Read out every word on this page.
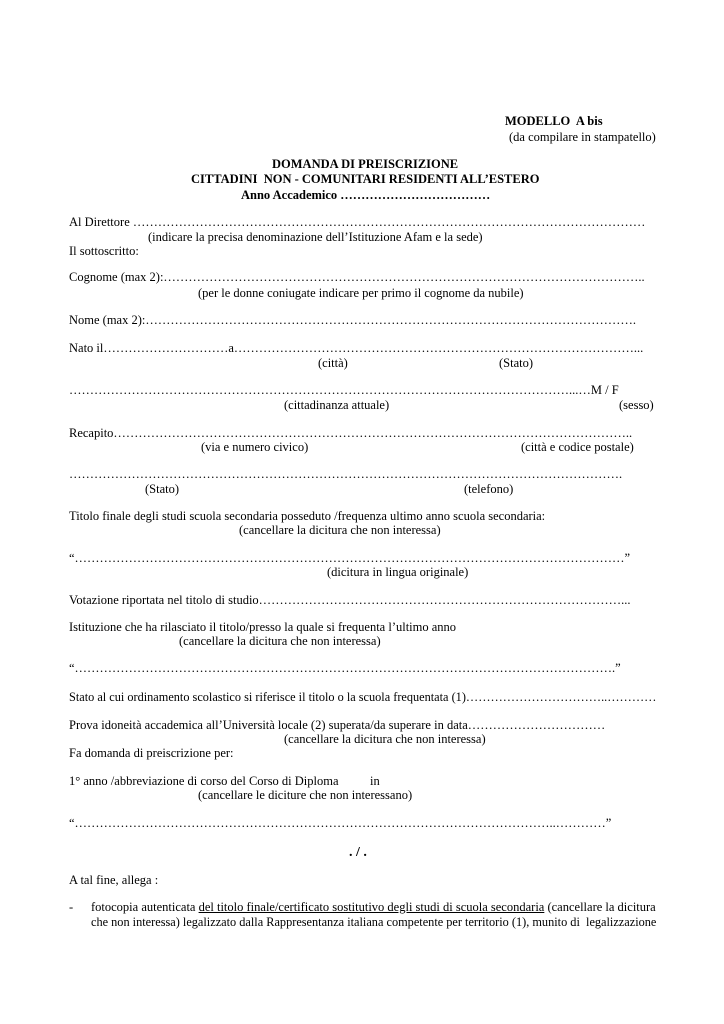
MODELLO  A bis
(da compilare in stampatello)
DOMANDA DI PREISCRIZIONE
CITTADINI  NON - COMUNITARI RESIDENTI ALL’ESTERO
Anno Accademico ………………………………
Al Direttore ……………………………………………………………………………………………………………
(indicare la precisa denominazione dell’Istituzione Afam e la sede)
Il sottoscritto:
Cognome (max 2):……………………………………………………………………………………………………..
(per le donne coniugate indicare per primo il cognome da nubile)
Nome (max 2):……………………………………………………………………………………………………….
Nato il…………………………a……………………………………………………………………………………...
(città)	(Stato)
…………………………………………………………………………………………………………...…M / F
(cittadinanza attuale)	(sesso)
Recapito……………………………………………………………………………………………………………..
(via e numero civico)	(città e codice postale)
…………………………………………………………………………………………………………………….
(Stato)	(telefono)
Titolo finale degli studi scuola secondaria posseduto /frequenza ultimo anno scuola secondaria:
(cancellare la dicitura che non interessa)
“……………………………………………………………………………………………………………………”
(dicitura in lingua originale)
Votazione riportata nel titolo di studio……………………………………………………………………………...
Istituzione che ha rilasciato il titolo/presso la quale si frequenta l’ultimo anno
(cancellare la dicitura che non interessa)
“………………………………………………………………………………………………………………….”
Stato al cui ordinamento scolastico si riferisce il titolo o la scuola frequentata (1)……………………………..…………
Prova idoneità accademica all’Università locale (2) superata/da superare in data……………………………
(cancellare la dicitura che non interessa)
Fa domanda di preiscrizione per:
1° anno /abbreviazione di corso del Corso di Diploma	in
(cancellare le diciture che non interessano)
“……………………………………………………………………………………………………..…………”
. / .
A tal fine, allega :
- fotocopia autenticata del titolo finale/certificato sostitutivo degli studi di scuola secondaria (cancellare la dicitura
che non interessa) legalizzato dalla Rappresentanza italiana competente per territorio (1), munito di  legalizzazione
